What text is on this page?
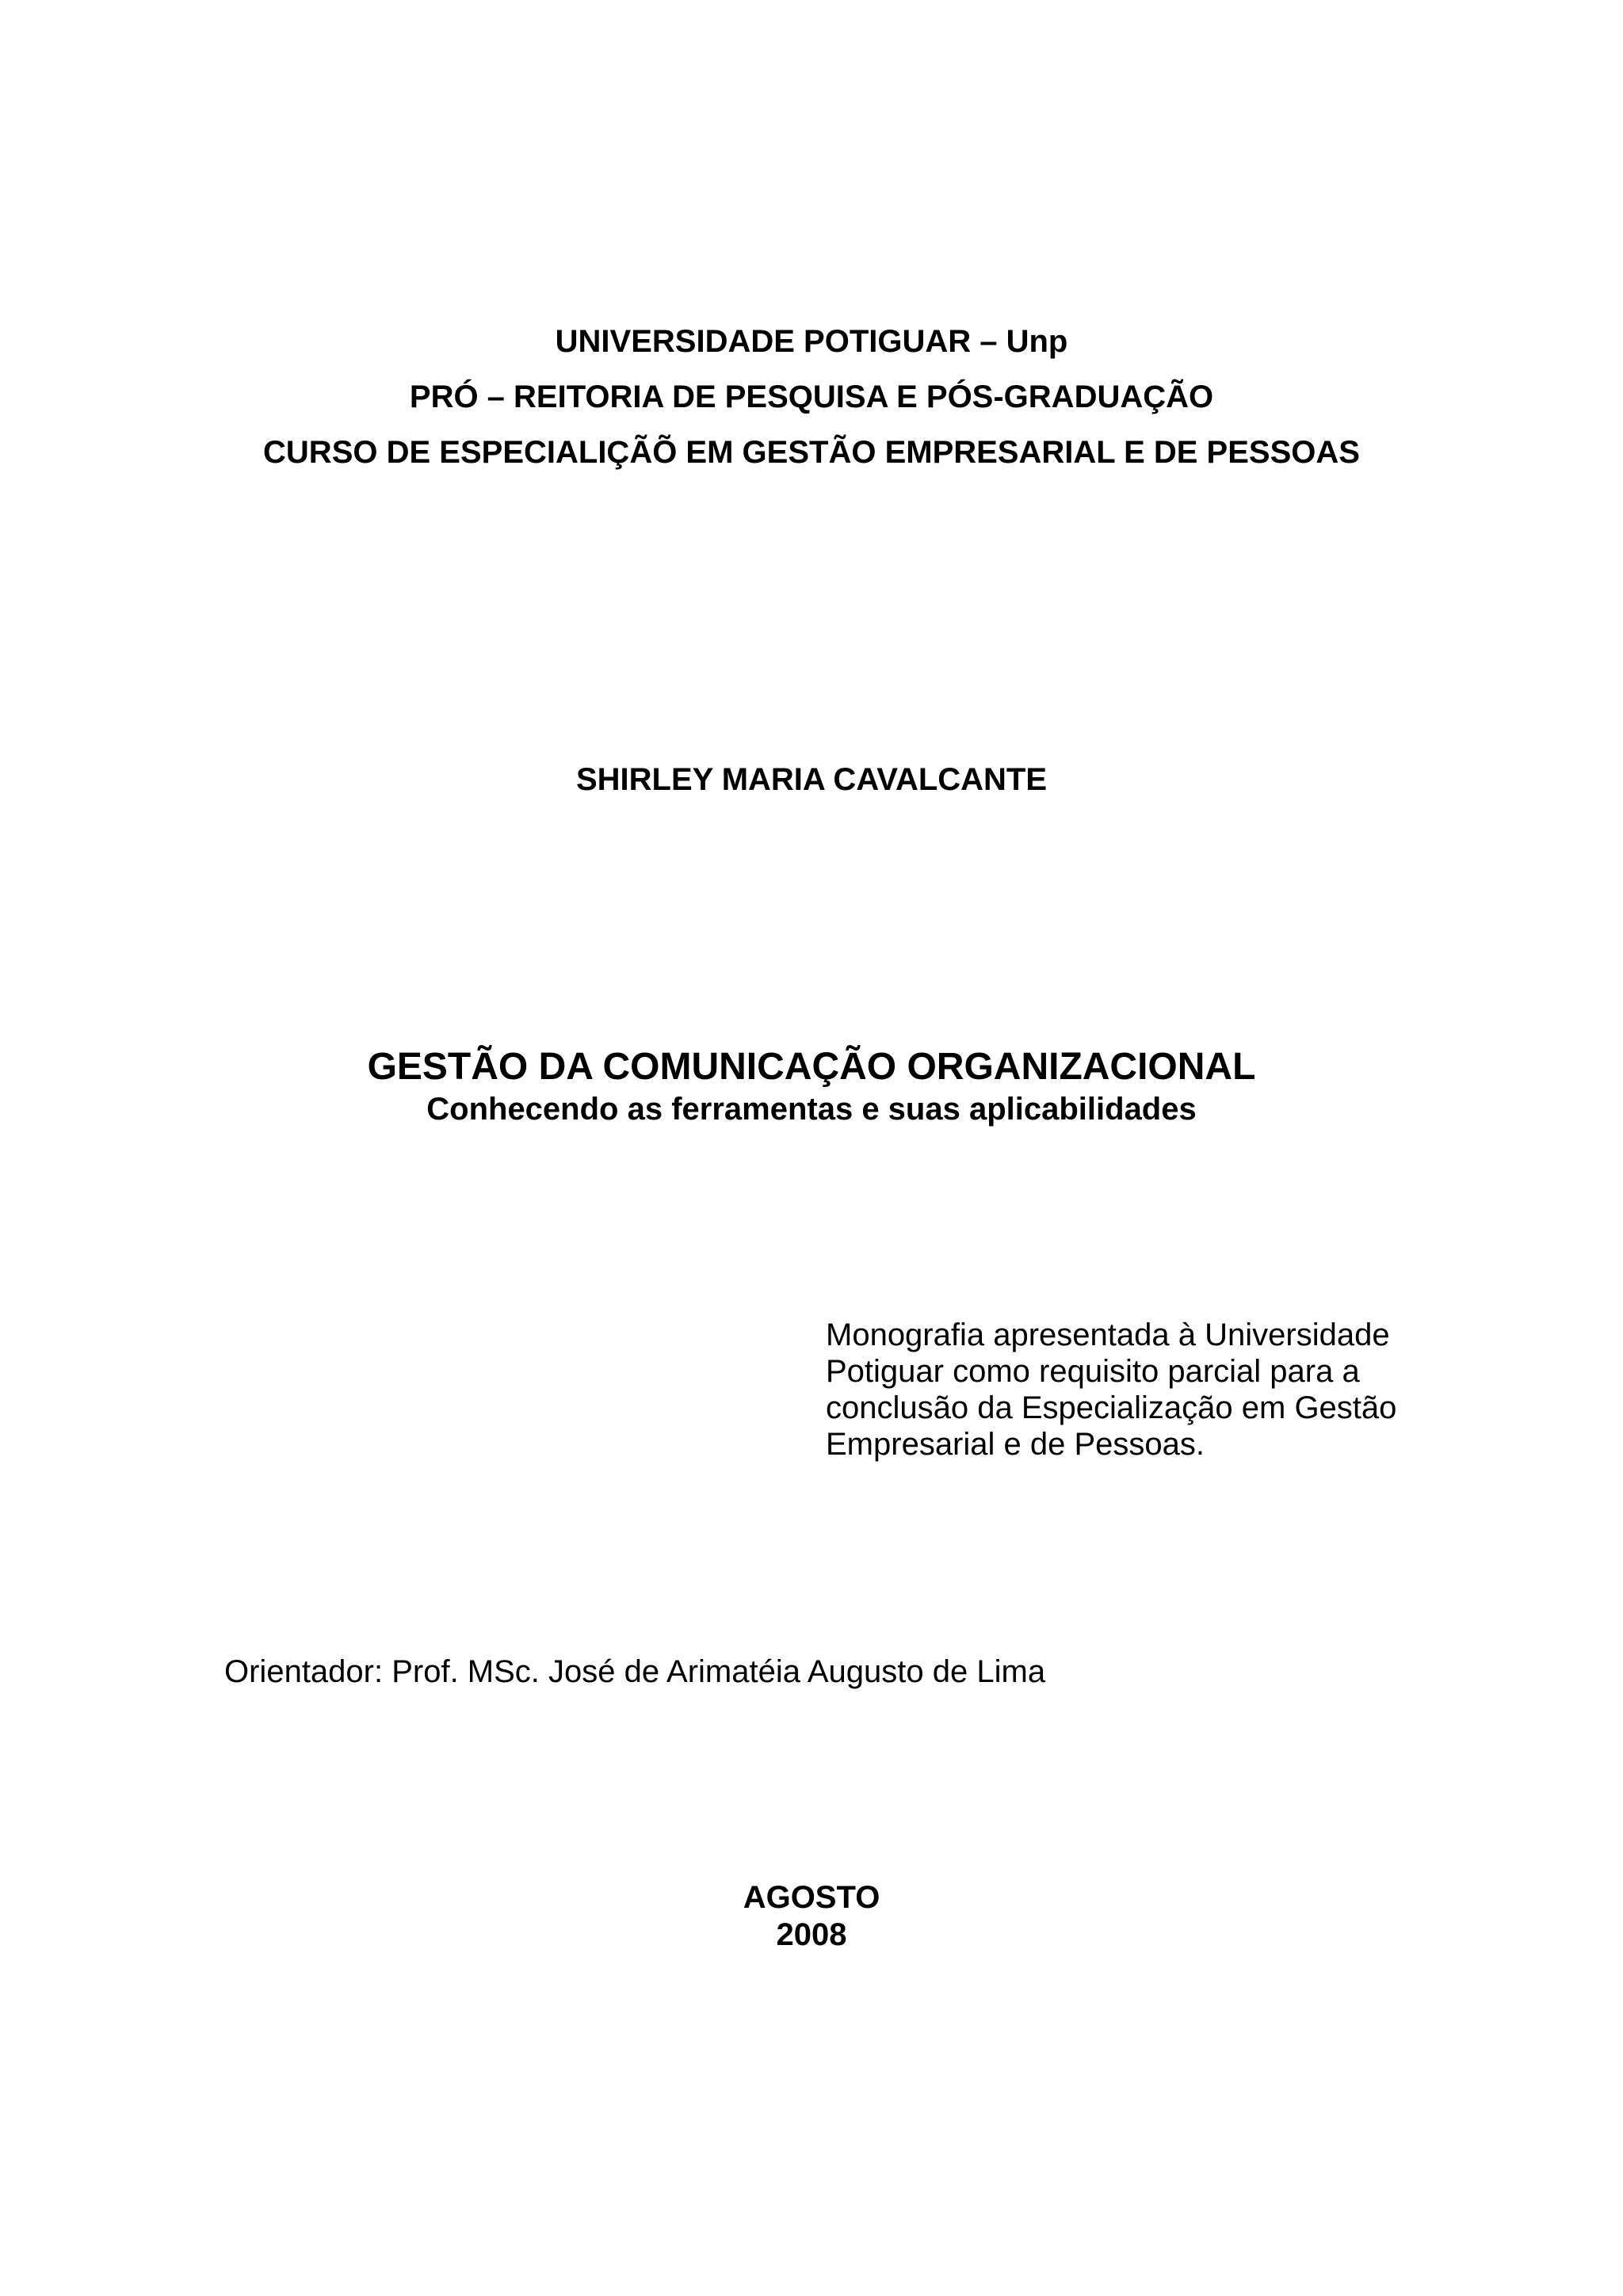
UNIVERSIDADE POTIGUAR – Unp
PRÓ – REITORIA DE PESQUISA E PÓS-GRADUAÇÃO
CURSO DE ESPECIALIÇÃÕ EM GESTÃO EMPRESARIAL E DE PESSOAS
SHIRLEY MARIA CAVALCANTE
GESTÃO DA COMUNICAÇÃO ORGANIZACIONAL
Conhecendo as ferramentas e suas aplicabilidades
Monografia apresentada à Universidade
Potiguar como requisito parcial para a
conclusão da Especialização em Gestão
Empresarial e de Pessoas.
Orientador: Prof. MSc. José de Arimatéia Augusto de Lima
AGOSTO
2008
